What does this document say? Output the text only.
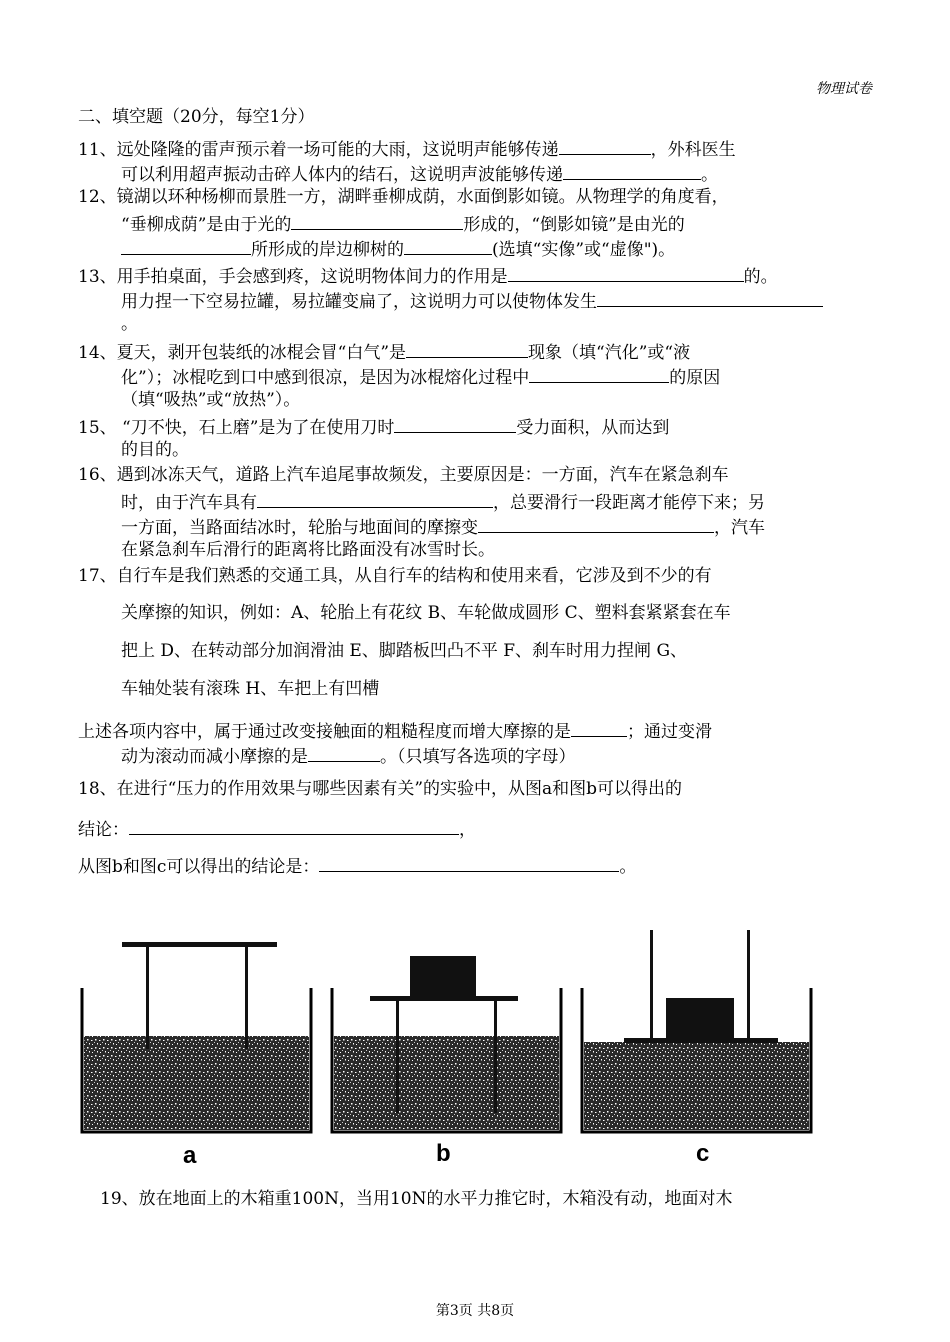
物理试卷
二、填空题（20分，每空1分）
11、远处隆隆的雷声预示着一场可能的大雨，这说明声能够传递	，外科医生
可以利用超声振动击碎人体内的结石，这说明声波能够传递	。
12、镜湖以环种杨柳而景胜一方，湖畔垂柳成荫，水面倒影如镜。从物理学的角度看，
“垂柳成荫”是由于光的	形成的，“倒影如镜”是由光的
所形成的岸边柳树的	(选填“实像”或“虚像")。
13、用手拍桌面，手会感到疼，这说明物体间力的作用是	的。
用力捏一下空易拉罐，易拉罐变扁了，这说明力可以使物体发生
。
14、夏天，剥开包装纸的冰棍会冒“白气”是	现象（填“汽化”或“液
化”）；冰棍吃到口中感到很凉，是因为冰棍熔化过程中	的原因
（填“吸热”或“放热”）。
15、 “刀不快，石上磨”是为了在使用刀时	受力面积，从而达到
的目的。
16、遇到冰冻天气，道路上汽车追尾事故频发，主要原因是：一方面，汽车在紧急刹车
时，由于汽车具有	，总要滑行一段距离才能停下来；另
一方面，当路面结冰时，轮胎与地面间的摩擦变	，汽车
在紧急刹车后滑行的距离将比路面没有冰雪时长。
17、自行车是我们熟悉的交通工具，从自行车的结构和使用来看，它涉及到不少的有
关摩擦的知识，例如：A、轮胎上有花纹 B、车轮做成圆形 C、塑料套紧紧套在车
把上 D、在转动部分加润滑油 E、脚踏板凹凸不平 F、刹车时用力捏闸 G、
车轴处装有滚珠 H、车把上有凹槽
上述各项内容中，属于通过改变接触面的粗糙程度而增大摩擦的是	；通过变滑
动为滚动而减小摩擦的是	。（只填写各选项的字母）
18、在进行“压力的作用效果与哪些因素有关”的实验中，从图a和图b可以得出的
结论：	，
从图b和图c可以得出的结论是：	。
a	b	c
19、放在地面上的木箱重100N，当用10N的水平力推它时，木箱没有动，地面对木
第3页 共8页
